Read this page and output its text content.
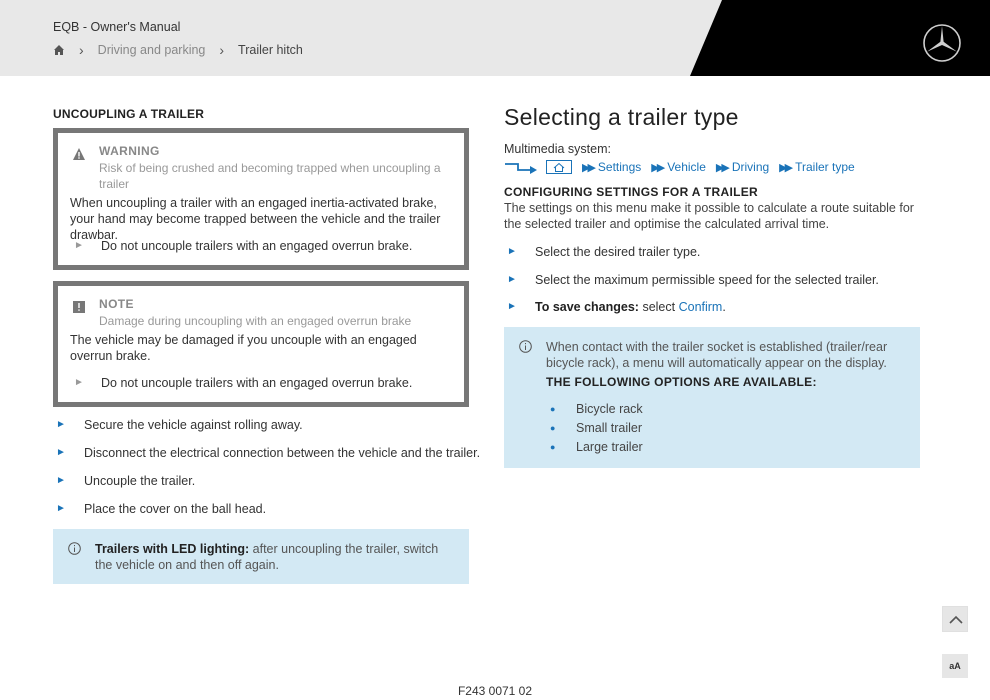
EQB - Owner's Manual
› Driving and parking › Trailer hitch
UNCOUPLING A TRAILER
WARNING
Risk of being crushed and becoming trapped when uncoupling a trailer
When uncoupling a trailer with an engaged inertia-activated brake, your hand may become trapped between the vehicle and the trailer drawbar.
►	Do not uncouple trailers with an engaged overrun brake.
NOTE
Damage during uncoupling with an engaged overrun brake
The vehicle may be damaged if you uncouple with an engaged overrun brake.
►	Do not uncouple trailers with an engaged overrun brake.
►	Secure the vehicle against rolling away.
►	Disconnect the electrical connection between the vehicle and the trailer.
►	Uncouple the trailer.
►	Place the cover on the ball head.
Trailers with LED lighting: after uncoupling the trailer, switch the vehicle on and then off again.
Selecting a trailer type
Multimedia system:
▶▶ Settings ▶▶ Vehicle ▶▶ Driving ▶▶ Trailer type
CONFIGURING SETTINGS FOR A TRAILER
The settings on this menu make it possible to calculate a route suitable for the selected trailer and optimise the calculated arrival time.
►	Select the desired trailer type.
►	Select the maximum permissible speed for the selected trailer.
►	To save changes: select Confirm.
When contact with the trailer socket is established (trailer/rear bicycle rack), a menu will automatically appear on the display.
THE FOLLOWING OPTIONS ARE AVAILABLE:
●	Bicycle rack
●	Small trailer
●	Large trailer
aA
F243 0071 02
